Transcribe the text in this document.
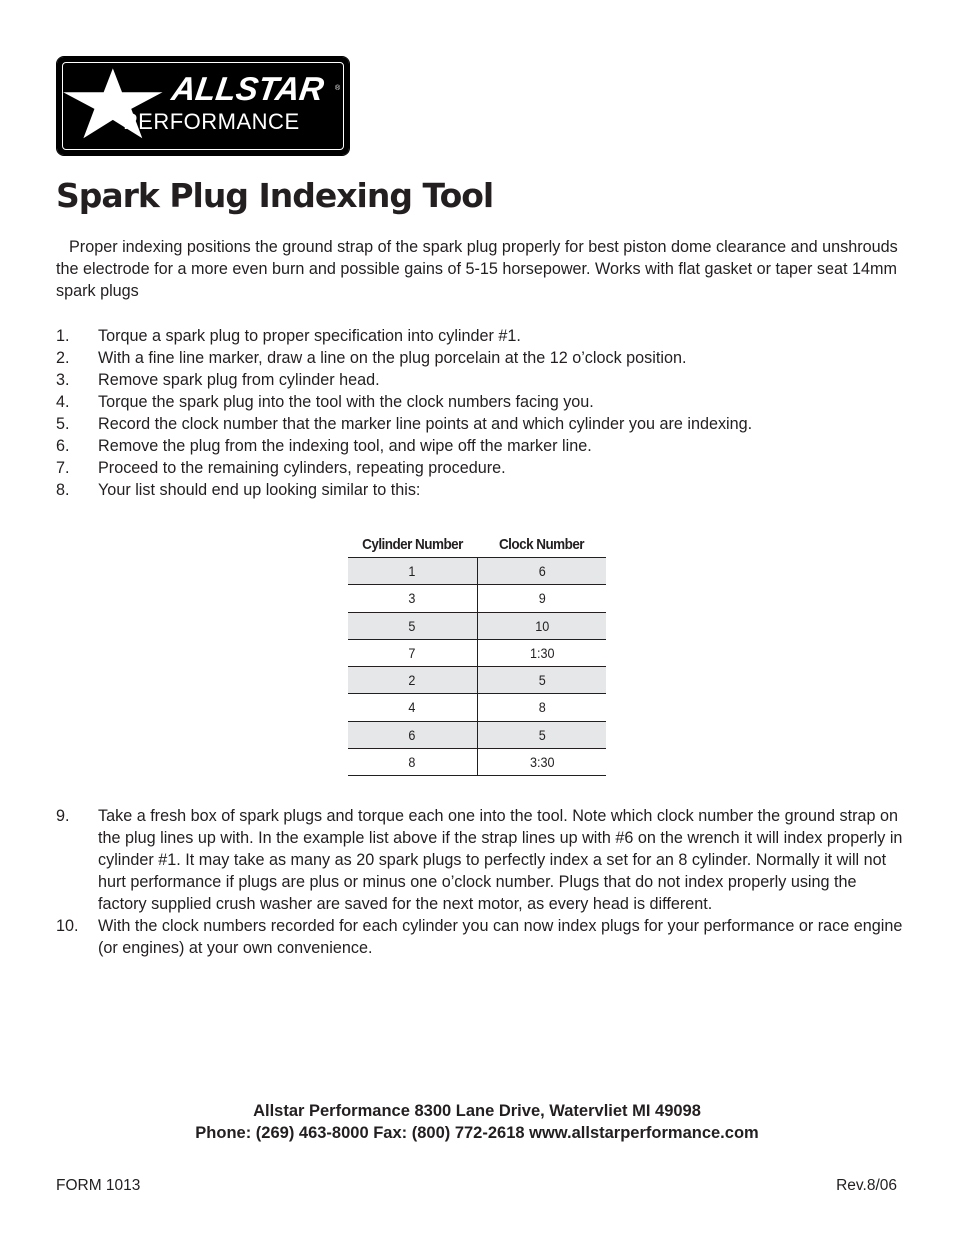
ALLSTAR ®
PERFORMANCE
Spark Plug Indexing Tool

Proper indexing positions the ground strap of the spark plug properly for best piston dome clearance and unshrouds the electrode for a more even burn and possible gains of 5-15 horsepower. Works with flat gasket or taper seat 14mm spark plugs

1.	Torque a spark plug to proper specification into cylinder #1.
2.	With a fine line marker, draw a line on the plug porcelain at the 12 o’clock position.
3.	Remove spark plug from cylinder head.
4.	Torque the spark plug into the tool with the clock numbers facing you.
5.	Record the clock number that the marker line points at and which cylinder you are indexing.
6.	Remove the plug from the indexing tool, and wipe off the marker line.
7.	Proceed to the remaining cylinders, repeating procedure.
8.	Your list should end up looking similar to this:
Cylinder Number	Clock Number
1	6
3	9
5	10
7	1:30
2	5
4	8
6	5
8	3:30
9.	Take a fresh box of spark plugs and torque each one into the tool. Note which clock number the ground strap on the plug lines up with. In the example list above if the strap lines up with #6 on the wrench it will index properly in cylinder #1. It may take as many as 20 spark plugs to perfectly index a set for an 8 cylinder. Normally it will not hurt performance if plugs are plus or minus one o’clock number. Plugs that do not index properly using the factory supplied crush washer are saved for the next motor, as every head is different.
10.	With the clock numbers recorded for each cylinder you can now index plugs for your performance or race engine (or engines) at your own convenience.
Allstar Performance 8300 Lane Drive, Watervliet MI 49098
Phone: (269) 463-8000 Fax: (800) 772-2618 www.allstarperformance.com
FORM 1013	Rev.8/06
